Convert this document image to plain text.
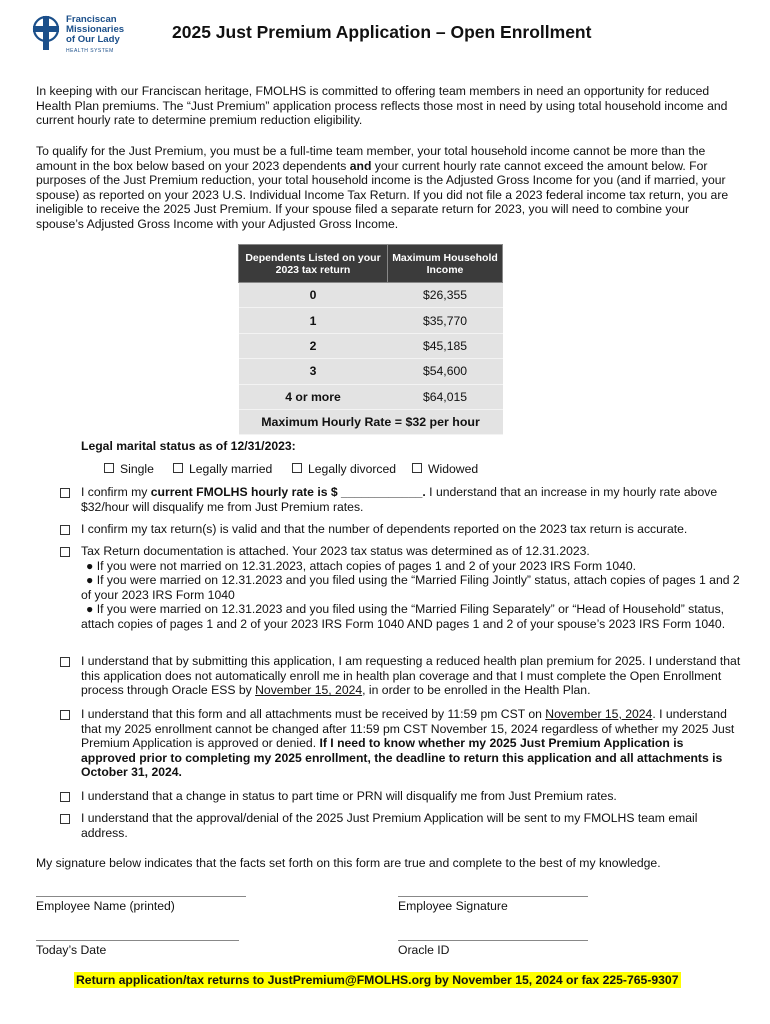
Franciscan
Missionaries
of Our Lady
HEALTH SYSTEM
2025 Just Premium Application – Open Enrollment

In keeping with our Franciscan heritage, FMOLHS is committed to offering team members in need an opportunity for reduced Health Plan premiums. The “Just Premium” application process reflects those most in need by using total household income and current hourly rate to determine premium reduction eligibility.

To qualify for the Just Premium, you must be a full-time team member, your total household income cannot be more than the amount in the box below based on your 2023 dependents and your current hourly rate cannot exceed the amount below. For purposes of the Just Premium reduction, your total household income is the Adjusted Gross Income for you (and if married, your spouse) as reported on your 2023 U.S. Individual Income Tax Return. If you did not file a 2023 federal income tax return, you are ineligible to receive the 2025 Just Premium. If your spouse filed a separate return for 2023, you will need to combine your spouse’s Adjusted Gross Income with your Adjusted Gross Income.

Dependents Listed on your 2023 tax return	Maximum Household Income
0	$26,355
1	$35,770
2	$45,185
3	$54,600
4 or more	$64,015
Maximum Hourly Rate = $32 per hour	
Legal marital status as of 12/31/2023:
Single	Legally married	Legally divorced	Widowed
I confirm my current FMOLHS hourly rate is $ ____________. I understand that an increase in my hourly rate above $32/hour will disqualify me from Just Premium rates.
I confirm my tax return(s) is valid and that the number of dependents reported on the 2023 tax return is accurate.
Tax Return documentation is attached. Your 2023 tax status was determined as of 12.31.2023.
● If you were not married on 12.31.2023, attach copies of pages 1 and 2 of your 2023 IRS Form 1040.
● If you were married on 12.31.2023 and you filed using the “Married Filing Jointly” status, attach copies of pages 1 and 2 of your 2023 IRS Form 1040
● If you were married on 12.31.2023 and you filed using the “Married Filing Separately” or “Head of Household” status, attach copies of pages 1 and 2 of your 2023 IRS Form 1040 AND pages 1 and 2 of your spouse’s 2023 IRS Form 1040.
I understand that by submitting this application, I am requesting a reduced health plan premium for 2025. I understand that this application does not automatically enroll me in health plan coverage and that I must complete the Open Enrollment process through Oracle ESS by November 15, 2024, in order to be enrolled in the Health Plan.
I understand that this form and all attachments must be received by 11:59 pm CST on November 15, 2024. I understand that my 2025 enrollment cannot be changed after 11:59 pm CST November 15, 2024 regardless of whether my 2025 Just Premium Application is approved or denied. If I need to know whether my 2025 Just Premium Application is approved prior to completing my 2025 enrollment, the deadline to return this application and all attachments is October 31, 2024.
I understand that a change in status to part time or PRN will disqualify me from Just Premium rates.
I understand that the approval/denial of the 2025 Just Premium Application will be sent to my FMOLHS team email address.

My signature below indicates that the facts set forth on this form are true and complete to the best of my knowledge.

Employee Name (printed)	Employee Signature
Today’s Date	Oracle ID
Return application/tax returns to JustPremium@FMOLHS.org by November 15, 2024 or fax 225-765-9307
